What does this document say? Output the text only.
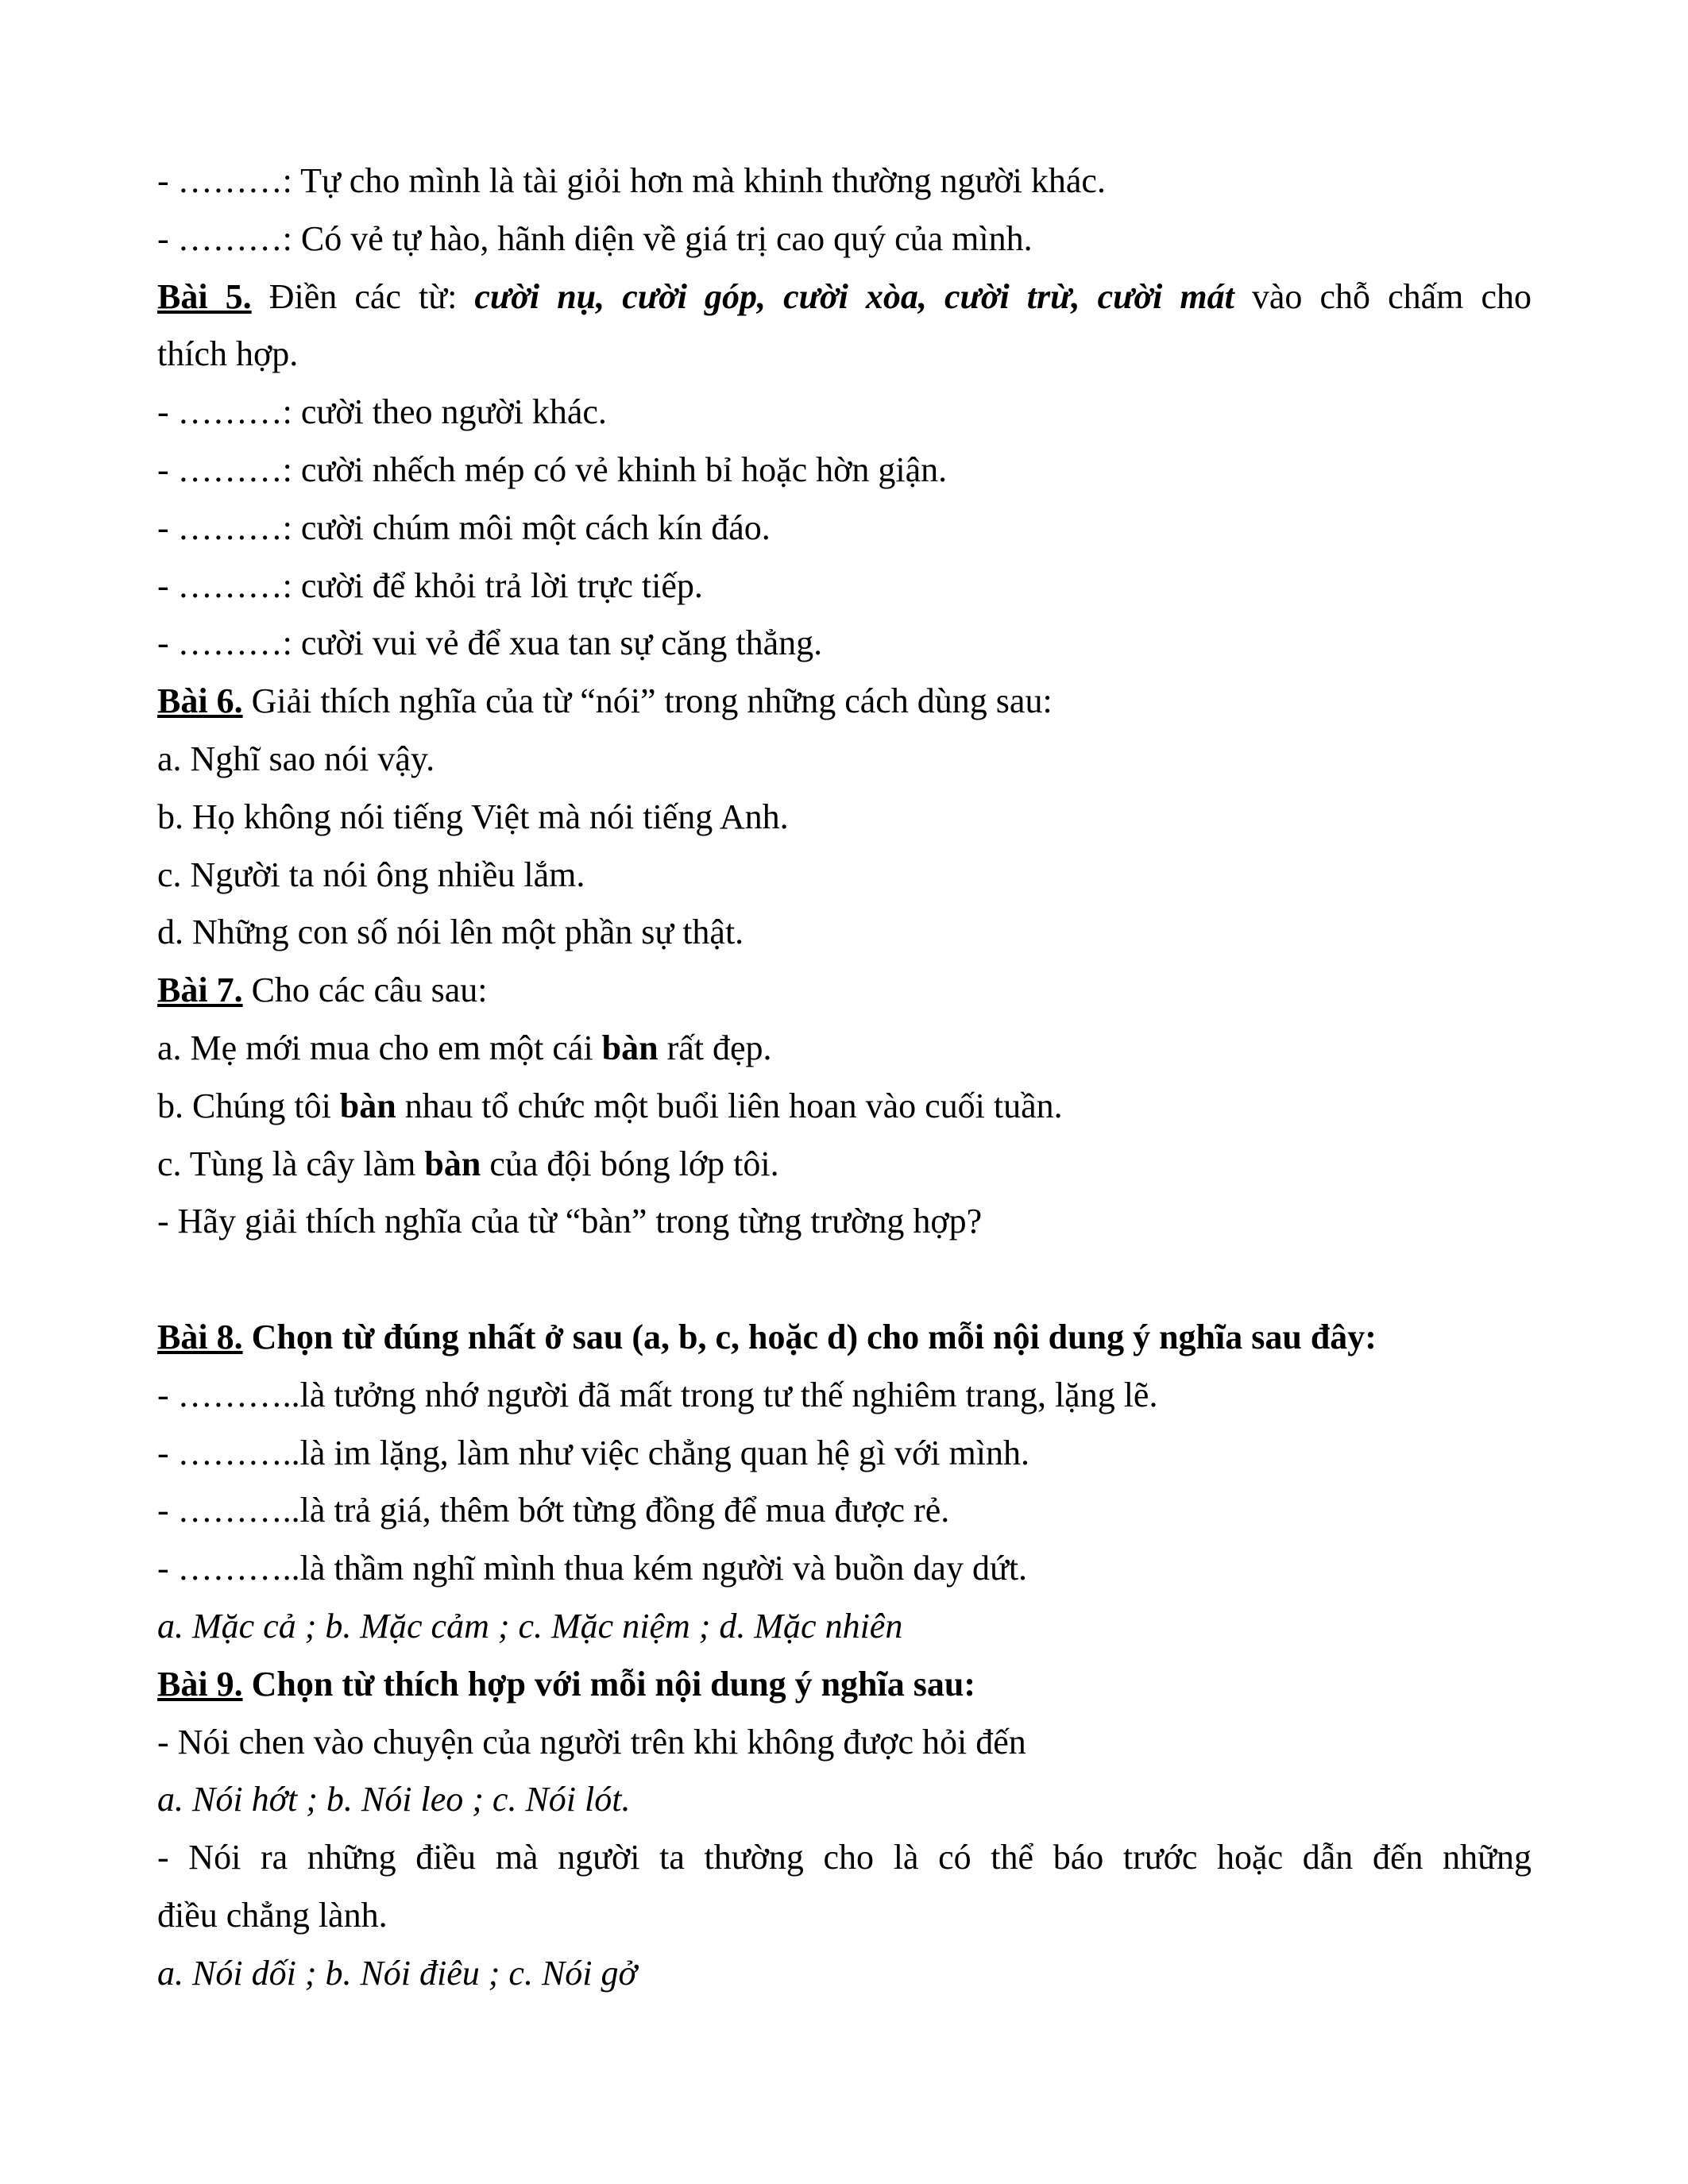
- ………: Tự cho mình là tài giỏi hơn mà khinh thường người khác.
- ………: Có vẻ tự hào, hãnh diện về giá trị cao quý của mình.
Bài 5. Điền các từ: cười nụ, cười góp, cười xòa, cười trừ, cười mát vào chỗ chấm cho
thích hợp.
- ………: cười theo người khác.
- ………: cười nhếch mép có vẻ khinh bỉ hoặc hờn giận.
- ………: cười chúm môi một cách kín đáo.
- ………: cười để khỏi trả lời trực tiếp.
- ………: cười vui vẻ để xua tan sự căng thẳng.
Bài 6. Giải thích nghĩa của từ “nói” trong những cách dùng sau:
a. Nghĩ sao nói vậy.
b. Họ không nói tiếng Việt mà nói tiếng Anh.
c. Người ta nói ông nhiều lắm.
d. Những con số nói lên một phần sự thật.
Bài 7. Cho các câu sau:
a. Mẹ mới mua cho em một cái bàn rất đẹp.
b. Chúng tôi bàn nhau tổ chức một buổi liên hoan vào cuối tuần.
c. Tùng là cây làm bàn của đội bóng lớp tôi.
- Hãy giải thích nghĩa của từ “bàn” trong từng trường hợp?
Bài 8. Chọn từ đúng nhất ở sau (a, b, c, hoặc d) cho mỗi nội dung ý nghĩa sau đây:
- ………..là tưởng nhớ người đã mất trong tư thế nghiêm trang, lặng lẽ.
- ………..là im lặng, làm như việc chẳng quan hệ gì với mình.
- ………..là trả giá, thêm bớt từng đồng để mua được rẻ.
- ………..là thầm nghĩ mình thua kém người và buồn day dứt.
a. Mặc cả ; b. Mặc cảm ; c. Mặc niệm ; d. Mặc nhiên
Bài 9. Chọn từ thích hợp với mỗi nội dung ý nghĩa sau:
- Nói chen vào chuyện của người trên khi không được hỏi đến
a. Nói hớt ; b. Nói leo ; c. Nói lót.
- Nói ra những điều mà người ta thường cho là có thể báo trước hoặc dẫn đến những
điều chẳng lành.
a. Nói dối ; b. Nói điêu ; c. Nói gở
